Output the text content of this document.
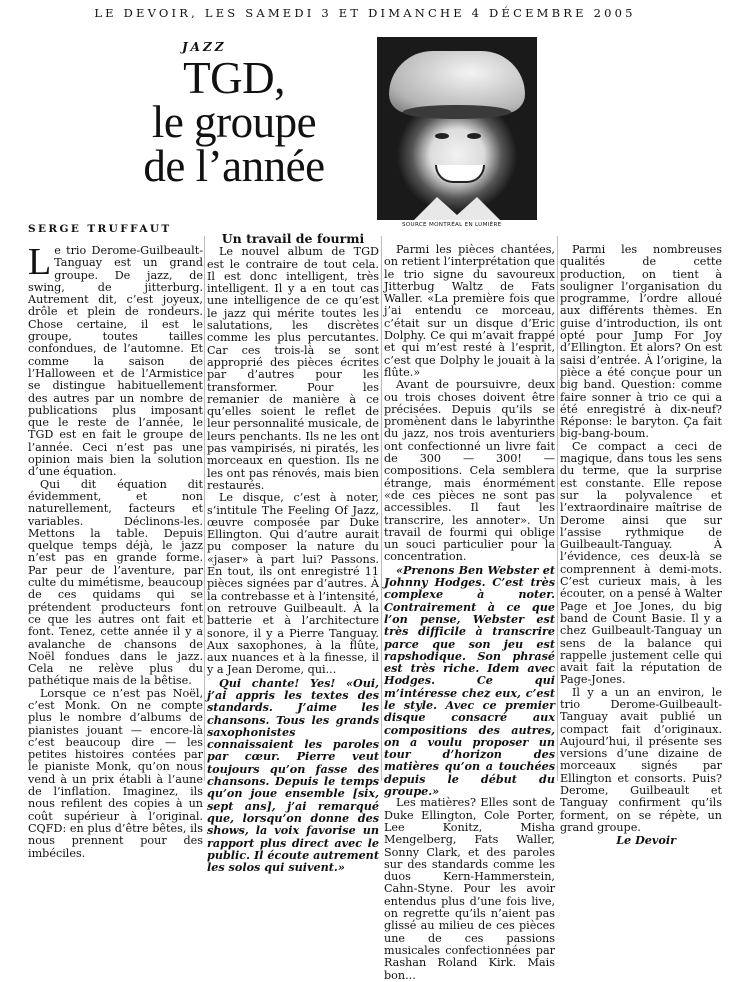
LE DEVOIR, LES SAMEDI 3 ET DIMANCHE 4 DÉCEMBRE 2005
JAZZ
TGD,
le groupe
de l’année
SERGE TRUFFAUT	SOURCE MONTRÉAL EN LUMIÈRE
L e trio Derome-Guilbeault-Tanguay est un grand groupe. De jazz, de swing, de jitterburg. Autrement dit, c’est joyeux, drôle et plein de rondeurs. Chose certaine, il est le groupe, toutes tailles confondues, de l’automne. Et comme la saison de l’Halloween et de l’Armistice se distingue habituellement des autres par un nombre de publications plus imposant que le reste de l’année, le TGD est en fait le groupe de l’année. Ceci n’est pas une opinion mais bien la solution d’une équation.

Qui dit équation dit évidemment, et non naturellement, facteurs et variables. Déclinons-les. Mettons la table. Depuis quelque temps déjà, le jazz n’est pas en grande forme. Par peur de l’aventure, par culte du mimétisme, beaucoup de ces quidams qui se prétendent producteurs font ce que les autres ont fait et font. Tenez, cette année il y a avalanche de chansons de Noël fondues dans le jazz. Cela ne relève plus du pathétique mais de la bêtise.

Lorsque ce n’est pas Noël, c’est Monk. On ne compte plus le nombre d’albums de pianistes jouant — encore-là c’est beaucoup dire — les petites histoires contées par le pianiste Monk, qu’on nous vend à un prix établi à l’aune de l’inflation. Imaginez, ils nous refilent des copies à un coût supérieur à l’original. CQFD: en plus d’être bêtes, ils nous prennent pour des imbéciles.

Un travail de fourmi

Le nouvel album de TGD est le contraire de tout cela. Il est donc intelligent, très intelligent. Il y a en tout cas une intelligence de ce qu’est le jazz qui mérite toutes les salutations, les discrètes comme les plus percutantes. Car ces trois-là se sont approprié des pièces écrites par d’autres pour les transformer. Pour les remanier de manière à ce qu’elles soient le reflet de leur personnalité musicale, de leurs penchants. Ils ne les ont pas vampirisés, ni piratés, les morceaux en question. Ils ne les ont pas rénovés, mais bien restaurés.

Le disque, c’est à noter, s’intitule The Feeling Of Jazz, œuvre composée par Duke Ellington. Qui d’autre aurait pu composer la nature du «jaser» à part lui? Passons. En tout, ils ont enregistré 11 pièces signées par d’autres. À la contrebasse et à l’intensité, on retrouve Guilbeault. À la batterie et à l’architecture sonore, il y a Pierre Tanguay. Aux saxophones, à la flûte, aux nuances et à la finesse, il y a Jean Derome, qui...

Qui chante! Yes! «Oui, j’ai appris les textes des standards. J’aime les chansons. Tous les grands saxophonistes connaissaient les paroles par cœur. Pierre veut toujours qu’on fasse des chansons. Depuis le temps qu’on joue ensemble [six, sept ans], j’ai remarqué que, lorsqu’on donne des shows, la voix favorise un rapport plus direct avec le public. Il écoute autrement les solos qui suivent.»

Parmi les pièces chantées, on retient l’interprétation que le trio signe du savoureux Jitterbug Waltz de Fats Waller. «La première fois que j’ai entendu ce morceau, c’était sur un disque d’Eric Dolphy. Ce qui m’avait frappé et qui m’est resté à l’esprit, c’est que Dolphy le jouait à la flûte.»

Avant de poursuivre, deux ou trois choses doivent être précisées. Depuis qu’ils se promènent dans le labyrinthe du jazz, nos trois aventuriers ont confectionné un livre fait de 300 — 300! — compositions. Cela semblera étrange, mais énormément «de ces pièces ne sont pas accessibles. Il faut les transcrire, les annoter». Un travail de fourmi qui oblige un souci particulier pour la concentration.

«Prenons Ben Webster et Johnny Hodges. C’est très complexe à noter. Contrairement à ce que l’on pense, Webster est très difficile à transcrire parce que son jeu est rapshodique. Son phrasé est très riche. Idem avec Hodges. Ce qui m’intéresse chez eux, c’est le style. Avec ce premier disque consacré aux compositions des autres, on a voulu proposer un tour d’horizon des matières qu’on a touchées depuis le début du groupe.»

Les matières? Elles sont de Duke Ellington, Cole Porter, Lee Konitz, Misha Mengelberg, Fats Waller, Sonny Clark, et des paroles sur des standards comme les duos Kern-Hammerstein, Cahn-Styne. Pour les avoir entendus plus d’une fois live, on regrette qu’ils n’aient pas glissé au milieu de ces pièces une de ces passions musicales confectionnées par Rashan Roland Kirk. Mais bon...

Parmi les nombreuses qualités de cette production, on tient à souligner l’organisation du programme, l’ordre alloué aux différents thèmes. En guise d’introduction, ils ont opté pour Jump For Joy d’Ellington. Et alors? On est saisi d’entrée. À l’origine, la pièce a été conçue pour un big band. Question: comme faire sonner à trio ce qui a été enregistré à dix-neuf? Réponse: le baryton. Ça fait big-bang-boum.

Ce compact a ceci de magique, dans tous les sens du terme, que la surprise est constante. Elle repose sur la polyvalence et l’extraordinaire maîtrise de Derome ainsi que sur l’assise rythmique de Guilbeault-Tanguay. À l’évidence, ces deux-là se comprennent à demi-mots. C’est curieux mais, à les écouter, on a pensé à Walter Page et Joe Jones, du big band de Count Basie. Il y a chez Guilbeault-Tanguay un sens de la balance qui rappelle justement celle qui avait fait la réputation de Page-Jones.

Il y a un an environ, le trio Derome-Guilbeault-Tanguay avait publié un compact fait d’originaux. Aujourd’hui, il présente ses versions d’une dizaine de morceaux signés par Ellington et consorts. Puis? Derome, Guilbeault et Tanguay confirment qu’ils forment, on se répète, un grand groupe.

Le Devoir
